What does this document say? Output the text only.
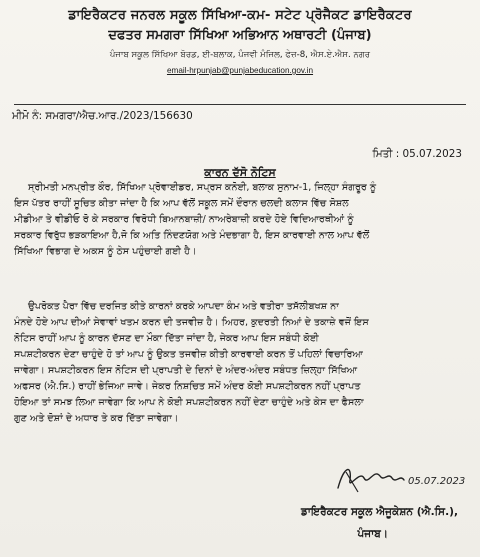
ਡਾਇਰੈਕਟਰ ਜਨਰਲ ਸਕੂਲ ਸਿੱਖਿਆ-ਕਮ- ਸਟੇਟ ਪ੍ਰੋਜੈਕਟ ਡਾਇਰੈਕਟਰ
ਦਫਤਰ ਸਮਗਰਾ ਸਿੱਖਿਆ ਅਭਿਆਨ ਅਥਾਰਟੀ (ਪੰਜਾਬ)
ਪੰਜਾਬ ਸਕੂਲ ਸਿੱਖਿਆ ਬੋਰਡ, ਈ-ਬਲਾਕ, ਪੰਜਵੀ ਮੰਜਿਲ, ਫੇਜ਼-8, ਐਸ.ਏ.ਐਸ. ਨਗਰ
email-hrpunjab@punjabeducation.gov.in
ਮੀਮੋ ਨੰ: ਸਮਗਰਾ/ਐਚ.ਆਰ./2023/156630
ਮਿਤੀ : 05.07.2023
ਕਾਰਨ ਦੱਸੋ ਨੋਟਿਸ
ਸ੍ਰੀਮਤੀ ਮਨਪ੍ਰੀਤ ਕੌਰ, ਸਿੱਖਿਆ ਪ੍ਰੋਵਾਈਡਰ, ਸਪ੍ਰਸ ਕਨੋਈ, ਬਲਾਕ ਸੁਨਾਮ-1, ਜਿਲ੍ਹਾ ਸੰਗਰੂਰ ਨੂੰ
ਇਸ ਪੱਤਰ ਰਾਹੀਂ ਸੂਚਿਤ ਕੀਤਾ ਜਾਂਦਾ ਹੈ ਕਿ ਆਪ ਵੱਲੋਂ ਸਕੂਲ ਸਮੇਂ ਦੌਰਾਨ ਚਲਦੀ ਕਲਾਸ ਵਿੱਚ ਸੋਸ਼ਲ
ਮੀਡੀਆ ਤੇ ਵੀਡੀਓ ਰੋ ਕੇ ਸਰਕਾਰ ਵਿਰੋਧੀ ਬਿਆਨਬਾਜ਼ੀ/ ਨਾਅਰੇਬਾਜ਼ੀ ਕਰਦੇ ਹੋਏ ਵਿਦਿਆਰਥੀਆਂ ਨੂੰ
ਸਰਕਾਰ ਵਿਰੁੱਧ ਭੜਕਾਇਆ ਹੈ,ਜੋ ਕਿ ਅਤਿ ਨਿੰਦਣਯੋਗ ਅਤੇ ਮੰਦਭਾਗਾ ਹੈ, ਇਸ ਕਾਰਵਾਈ ਨਾਲ ਆਪ ਵੱਲੋਂ
ਸਿੱਖਿਆ ਵਿਭਾਗ ਦੇ ਅਕਸ ਨੂੰ ਠੇਸ ਪਹੁੰਚਾਈ ਗਈ ਹੈ।
ਉਪਰੋਕਤ ਪੈਰਾ ਵਿੱਚ ਦਰਜਿਤ ਕੀਤੇ ਕਾਰਨਾਂ ਕਰਕੇ ਆਪਦਾ ਕੰਮ ਅਤੇ ਵਤੀਰਾ ਤਸੱਲੀਬਖਸ਼ ਨਾ
ਮੰਨਦੇ ਹੋਏ ਆਪ ਦੀਆਂ ਸੇਵਾਵਾਂ ਖਤਮ ਕਰਨ ਦੀ ਤਜਵੀਜ਼ ਹੈ। ਅਿਹਰ, ਕੁਦਰਤੀ ਨਿਆਂ ਦੇ ਤਕਾਜ਼ੇ ਵਜੋਂ ਇਸ
ਨੋਟਿਸ ਰਾਹੀਂ ਆਪ ਨੂੰ ਕਾਰਨ ਦੱਸਣ ਦਾ ਮੌਕਾ ਦਿੱਤਾ ਜਾਂਦਾ ਹੈ, ਜੇਕਰ ਆਪ ਇਸ ਸਬੰਧੀ ਕੋਈ
ਸਪਸ਼ਟੀਕਰਨ ਦੇਣਾ ਚਾਹੁੰਦੇ ਹੋ ਤਾਂ ਆਪ ਨੂੰ ਉਕਤ ਤਜਵੀਜ਼ ਕੀਤੀ ਕਾਰਵਾਈ ਕਰਨ ਤੋਂ ਪਹਿਲਾਂ ਵਿਚਾਰਿਆ
ਜਾਵੇਗਾ। ਸਪਸ਼ਟੀਕਰਨ ਇਸ ਨੋਟਿਸ ਦੀ ਪ੍ਰਾਪਤੀ ਦੇ ਦਿਨਾਂ ਦੇ ਅੰਦਰ-ਅੰਦਰ ਸਬੰਧਤ ਜ਼ਿਲ੍ਹਾ ਸਿੱਖਿਆ
ਅਫਸਰ (ਐ.ਸਿ.) ਰਾਹੀਂ ਭੇਜਿਆ ਜਾਵੇ। ਜੇਕਰ ਨਿਸ਼ਚਿਤ ਸਮੇਂ ਅੰਦਰ ਕੋਈ ਸਪਸ਼ਟੀਕਰਨ ਨਹੀਂ ਪ੍ਰਾਪਤ
ਹੋਇਆ ਤਾਂ ਸਮਝ ਲਿਆ ਜਾਵੇਗਾ ਕਿ ਆਪ ਨੇ ਕੋਈ ਸਪਸ਼ਟੀਕਰਨ ਨਹੀਂ ਦੇਣਾ ਚਾਹੁੰਦੇ ਅਤੇ ਕੇਸ ਦਾ ਫੈਸਲਾ
ਗੁਣ ਅਤੇ ਦੋਸ਼ਾਂ ਦੇ ਅਧਾਰ ਤੇ ਕਰ ਦਿੱਤਾ ਜਾਵੇਗਾ।
05.07.2023
ਡਾਇਰੈਕਟਰ ਸਕੂਲ ਐਜੂਕੇਸ਼ਨ (ਐ.ਸਿ.),
ਪੰਜਾਬ।
